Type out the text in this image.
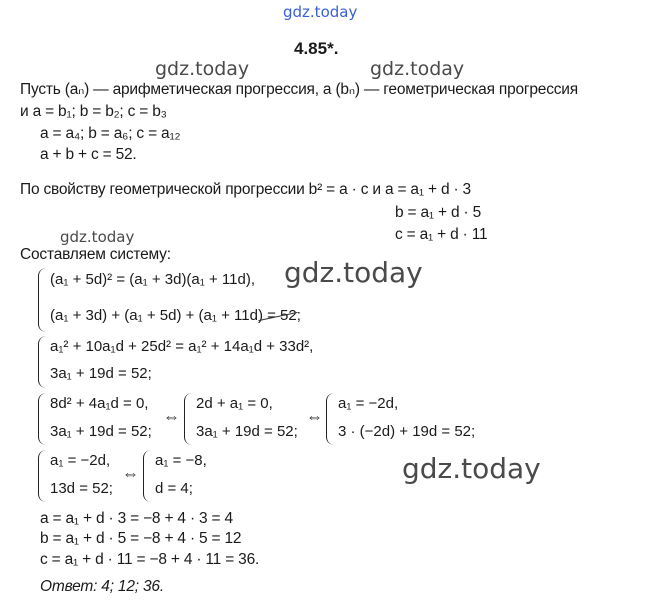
gdz.today
gdz.today	gdz.today
gdz.today
gdz.today
gdz.today
4.85*.
Пусть (aₙ) — арифметическая прогрессия, а (bₙ) — геометрическая прогрессия
и a = b₁; b = b₂; c = b₃
a = a₄; b = a₆; c = a₁₂
a + b + c = 52.
По свойству геометрической прогрессии b² = a · c и a = a₁ + d · 3
b = a₁ + d · 5
c = a₁ + d · 11
Составляем систему:
(a₁ + 5d)² = (a₁ + 3d)(a₁ + 11d),
(a₁ + 3d) + (a₁ + 5d) + (a₁ + 11d) = 52;
a₁² + 10a₁d + 25d² = a₁² + 14a₁d + 33d²,
3a₁ + 19d = 52;
8d² + 4a₁d = 0,
3a₁ + 19d = 52;
⇔
2d + a₁ = 0,
3a₁ + 19d = 52;
⇔
a₁ = −2d,
3 · (−2d) + 19d = 52;
a₁ = −2d,
13d = 52;
⇔
a₁ = −8,
d = 4;
a = a₁ + d · 3 = −8 + 4 · 3 = 4
b = a₁ + d · 5 = −8 + 4 · 5 = 12
c = a₁ + d · 11 = −8 + 4 · 11 = 36.
Ответ: 4; 12; 36.
